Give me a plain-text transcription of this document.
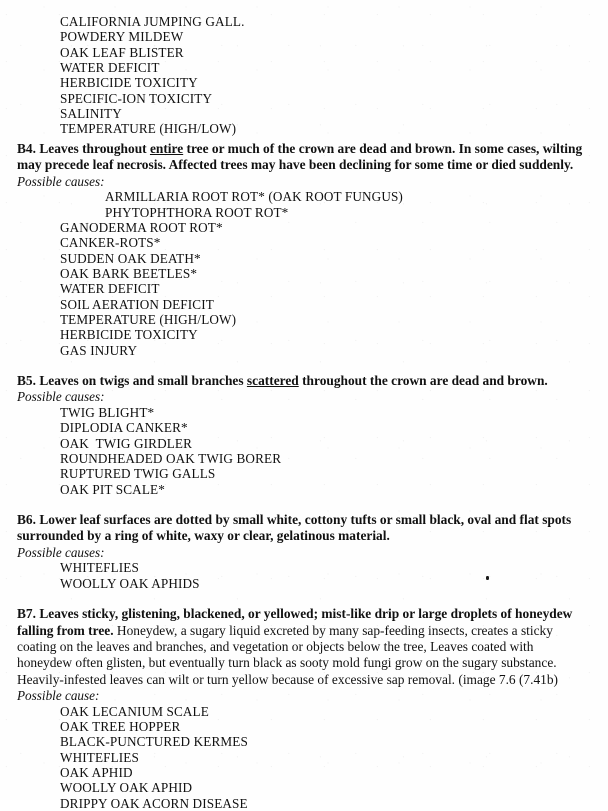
CALIFORNIA JUMPING GALL.
POWDERY MILDEW
OAK LEAF BLISTER
WATER DEFICIT
HERBICIDE TOXICITY
SPECIFIC-ION TOXICITY
SALINITY
TEMPERATURE (HIGH/LOW)
B4. Leaves throughout entire tree or much of the crown are dead and brown. In some cases, wilting may precede leaf necrosis. Affected trees may have been declining for some time or died suddenly.
Possible causes:
ARMILLARIA ROOT ROT* (OAK ROOT FUNGUS)
PHYTOPHTHORA ROOT ROT*
GANODERMA ROOT ROT*
CANKER-ROTS*
SUDDEN OAK DEATH*
OAK BARK BEETLES*
WATER DEFICIT
SOIL AERATION DEFICIT
TEMPERATURE (HIGH/LOW)
HERBICIDE TOXICITY
GAS INJURY
B5. Leaves on twigs and small branches scattered throughout the crown are dead and brown.
Possible causes:
TWIG BLIGHT*
DIPLODIA CANKER*
OAK  TWIG GIRDLER
ROUNDHEADED OAK TWIG BORER
RUPTURED TWIG GALLS
OAK PIT SCALE*
B6. Lower leaf surfaces are dotted by small white, cottony tufts or small black, oval and flat spots surrounded by a ring of white, waxy or clear, gelatinous material.
Possible causes:
WHITEFLIES
WOOLLY OAK APHIDS
B7. Leaves sticky, glistening, blackened, or yellowed; mist-like drip or large droplets of honeydew falling from tree. Honeydew, a sugary liquid excreted by many sap-feeding insects, creates a sticky coating on the leaves and branches, and vegetation or objects below the tree, Leaves coated with honeydew often glisten, but eventually turn black as sooty mold fungi grow on the sugary substance. Heavily-infested leaves can wilt or turn yellow because of excessive sap removal. (image 7.6 (7.41b)
Possible cause:
OAK LECANIUM SCALE
OAK TREE HOPPER
BLACK-PUNCTURED KERMES
WHITEFLIES
OAK APHID
WOOLLY OAK APHID
DRIPPY OAK ACORN DISEASE
